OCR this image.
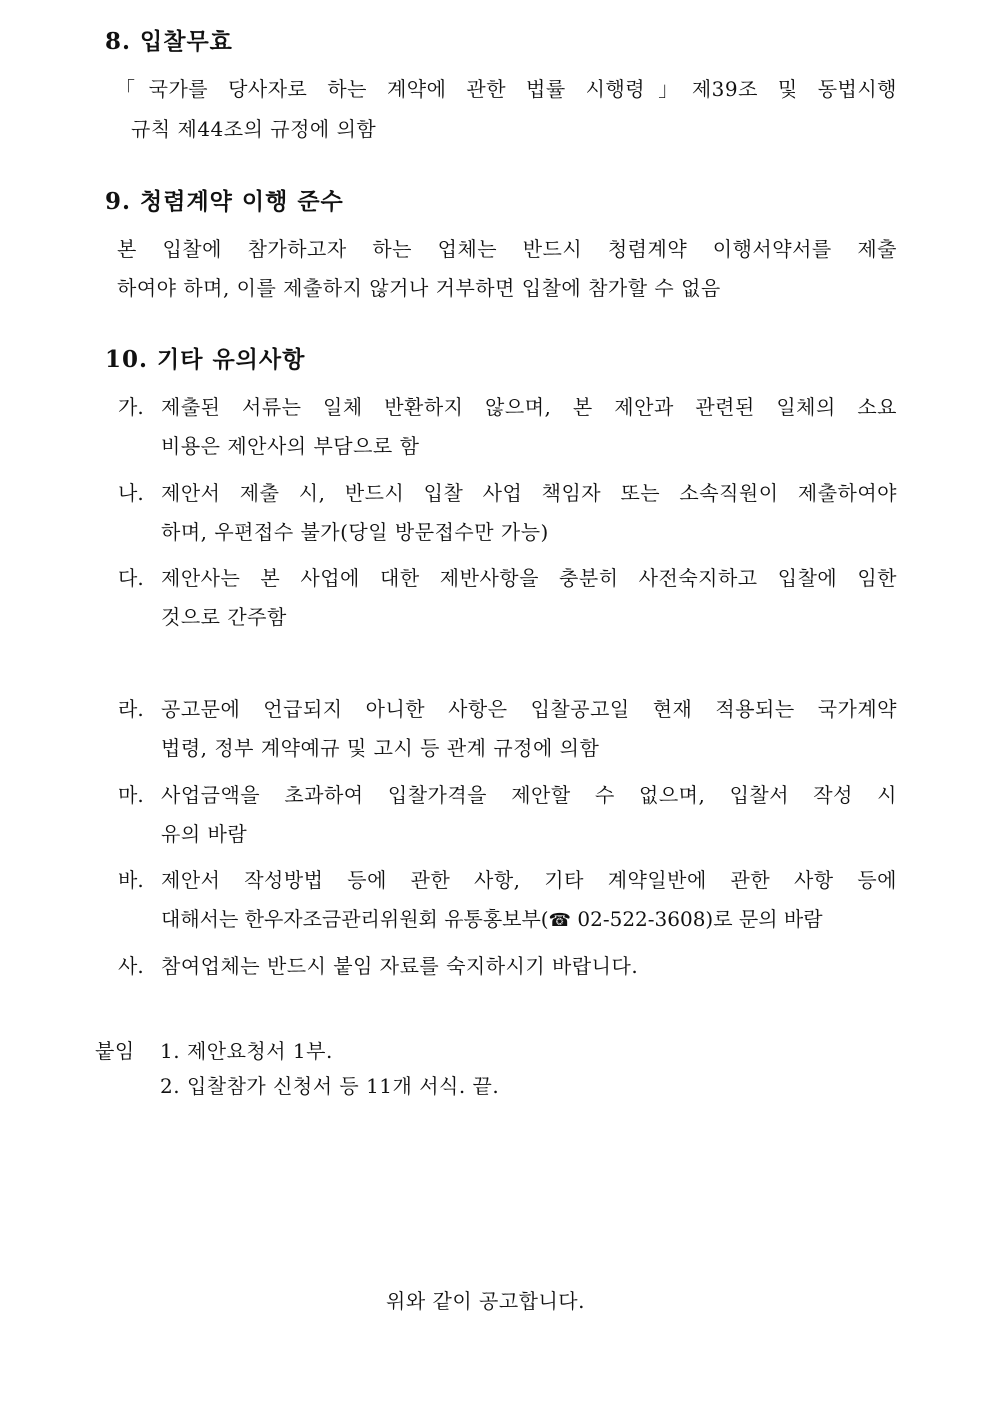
8. 입찰무효
「국가를 당사자로 하는 계약에 관한 법률 시행령」제39조 및 동법시행
규칙 제44조의 규정에 의함
9. 청렴계약 이행 준수
본 입찰에 참가하고자 하는 업체는 반드시 청렴계약 이행서약서를 제출
하여야 하며, 이를 제출하지 않거나 거부하면 입찰에 참가할 수 없음
10. 기타 유의사항
가. 제출된 서류는 일체 반환하지 않으며, 본 제안과 관련된 일체의 소요
비용은 제안사의 부담으로 함
나. 제안서 제출 시, 반드시 입찰 사업 책임자 또는 소속직원이 제출하여야
하며, 우편접수 불가(당일 방문접수만 가능)
다. 제안사는 본 사업에 대한 제반사항을 충분히 사전숙지하고 입찰에 임한
것으로 간주함
라. 공고문에 언급되지 아니한 사항은 입찰공고일 현재 적용되는 국가계약
법령, 정부 계약예규 및 고시 등 관계 규정에 의함
마. 사업금액을 초과하여 입찰가격을 제안할 수 없으며, 입찰서 작성 시
유의 바람
바. 제안서 작성방법 등에 관한 사항, 기타 계약일반에 관한 사항 등에
대해서는 한우자조금관리위원회 유통홍보부(☎ 02-522-3608)로 문의 바람
사. 참여업체는 반드시 붙임 자료를 숙지하시기 바랍니다.
붙임 1. 제안요청서 1부.
2. 입찰참가 신청서 등 11개 서식. 끝.
위와 같이 공고합니다.
